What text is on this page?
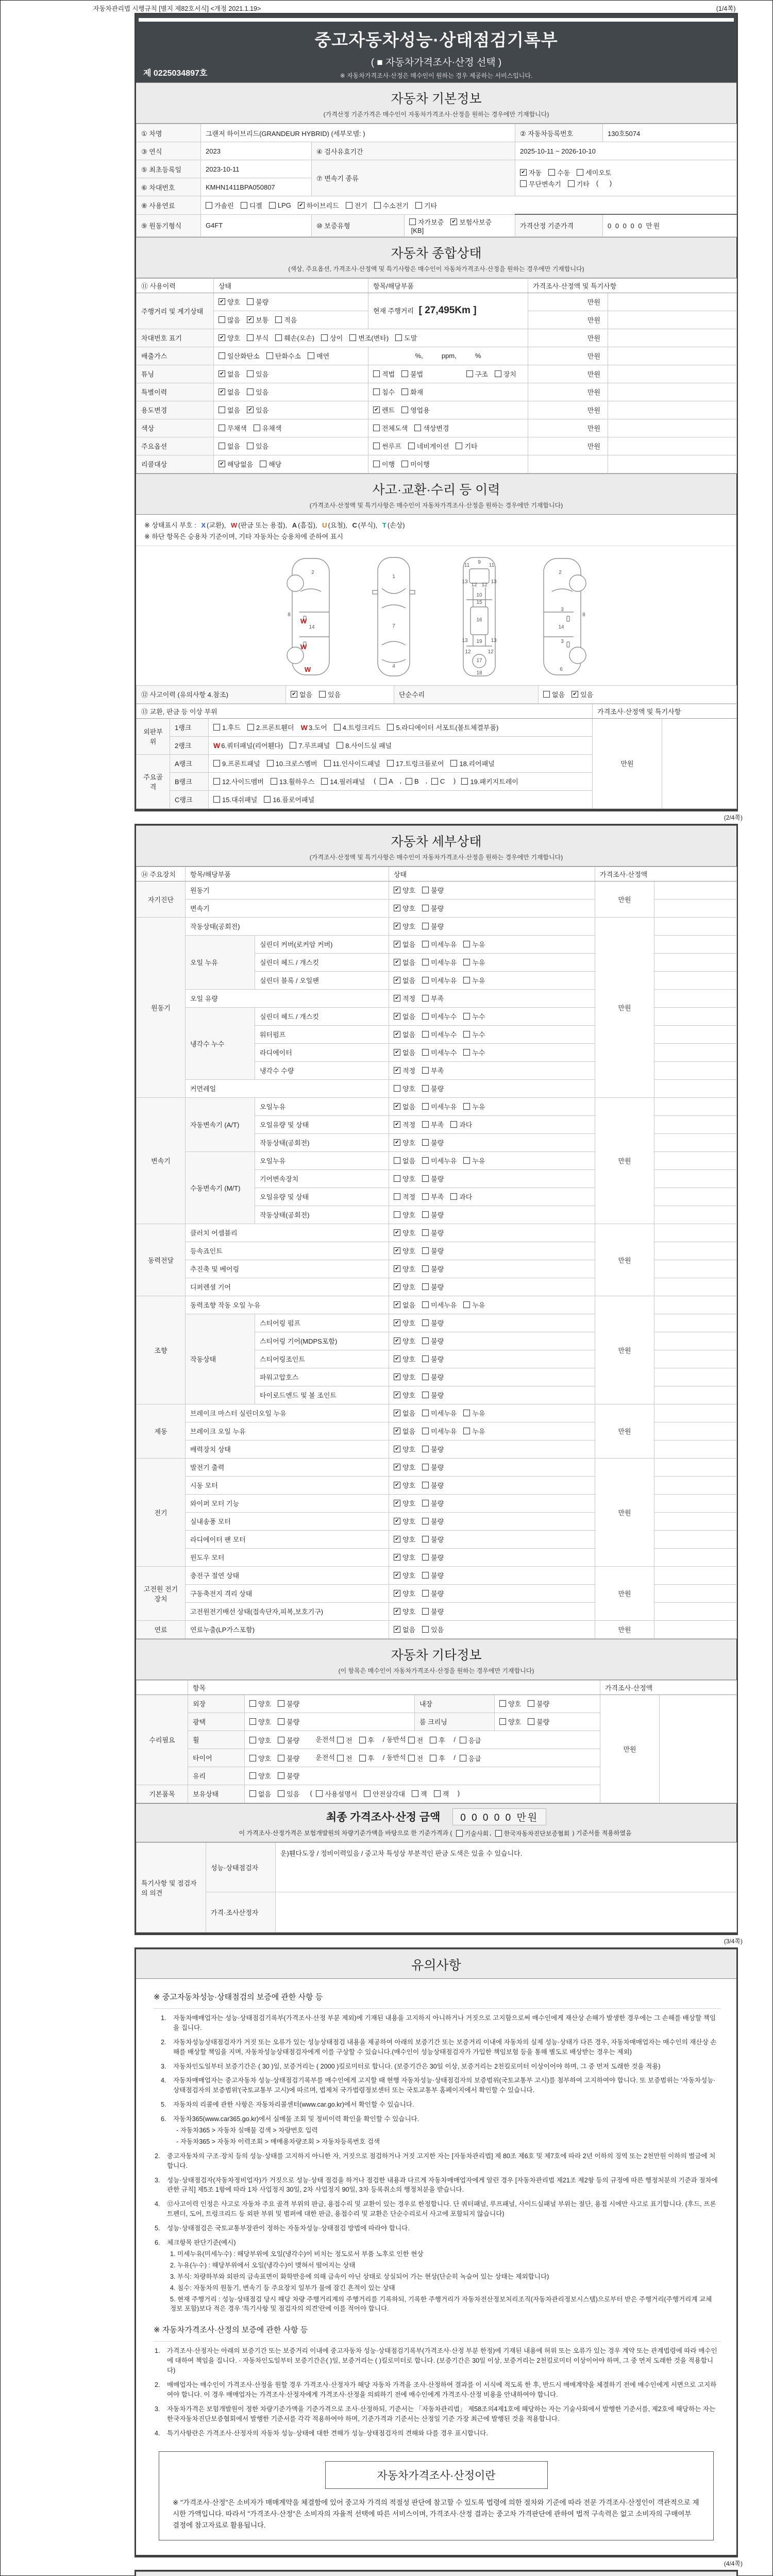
자동차관리법 시행규칙 [별지 제82호서식] <개정 2021.1.19>	(1/4쪽)
중고자동차성능·상태점검기록부
( ■ 자동차가격조사·산정 선택 )
※ 자동차가격조사·산정은 매수인이 원하는 경우 제공하는 서비스입니다.
제 0225034897호
자동차 기본정보
(가격산정 기준가격은 매수인이 자동차가격조사·산정을 원하는 경우에만 기재합니다)
① 차명	그랜저 하이브리드(GRANDEUR HYBRID) (세부모델: )			② 자동차등록번호	130호5074
③ 연식	2023	④ 검사유효기간		2025-10-11 ~ 2026-10-10	
⑤ 최초등록일	2023-10-11	⑦ 변속기 종류	
✔ 자동 수동 세미오토
무단변속기 기타 (      )

⑥ 차대번호	KMHN1411BPA050807				
⑧ 사용연료	가솔린 디젤 LPG ✔ 하이브리드 전기 수소전기 기타

⑨ 원동기형식	G4FT	⑩ 보증유형	자가보증 ✔ 보험사보증
[KB]	가격산정 기준가격	0 0 0 0 0 만원
자동차 종합상태
(색상, 주요옵션, 가격조사·산정액 및 특기사항은 매수인이 자동차가격조사·산정을 원하는 경우에만 기재합니다)
⑪ 사용이력	상태	항목/해당부품	가격조사·산정액 및 특기사항	
주행거리 및 계기상태	✔ 양호 불량	현재 주행거리 [ 27,495Km ]	만원	

	많음 ✔ 보통 적음		만원	
차대번호 표기	✔ 양호 부식 훼손(오손) 상이 변조(변타) 도말	만원	
배출가스	일산화탄소 탄화수소 매연	%,          ppm,          %	만원	
튜닝	✔ 없음 있음	적법 불법 구조 장치	만원	
특별이력	✔ 없음 있음	침수 화재	만원	
용도변경	없음 ✔ 있음	✔ 렌트 영업용	만원	
색상	무채색 유채색	전체도색 색상변경	만원	
주요옵션	없음 있음	썬루프 네비게이션 기타	만원	
리콜대상	✔ 해당없음 해당	이행 미이행		

사고·교환·수리 등 이력
(가격조사·산정액 및 특기사항은 매수인이 자동차가격조사·산정을 원하는 경우에만 기재합니다)
※ 상태표시 부호 : X (교환), W (판금 또는 용접), A (흠집), U (요철), C (부식), T (손상)
※ 하단 항목은 승용차 기준이며, 기타 자동차는 승용차에 준하여 표시
2
8
14
W
W
W
1
7
4
11
9
11
13	13
12 12
10
15
16
13 19 13
12	12
17
18
2
3
8
14
3
6
⑫ 사고이력 (유의사항 4.참조)	✔ 없음 있음	단순수리	없음 ✔ 있음
⑬ 교환, 판금 등 이상 부위			가격조사·산정액 및 특기사항	
외판부위	1랭크	1.후드 2.프론트휀더 W 3.도어 4.트렁크리드 5.라디에이터 서포트(볼트체결부품)
	만원	
	2랭크	W 6.쿼터패널(리어휀다) 7.루프패널 8.사이드실 패널		

주요골격	A랭크	9.프론트패널 10.크로스멤버 11.인사이드패널 17.트렁크플로어 18.리어패널		

B랭크	12.사이드멤버 13.휠하우스 14.필러패널 ( A , B , C ) 19.패키지트레이

	C랭크	15.대쉬패널 16.플로어패널		
(2/4쪽)
자동차 세부상태
(가격조사·산정액 및 특기사항은 매수인이 자동차가격조사·산정을 원하는 경우에만 기재합니다)
⑭ 주요장치	항목/해당부품		상태	가격조사·산정액	
자기진단	원동기		✔ 양호 불량	만원	
	변속기		✔ 양호 불량		

원동기	작동상태(공회전)		✔ 양호 불량	만원	
	오일 누유	실린더 커버(로커암 커버)	✔ 없음 미세누유 누유		

		실린더 헤드 / 개스킷	✔ 없음 미세누유 누유		

		실린더 블록 / 오일팬	✔ 없음 미세누유 누유		

	오일 유량		✔ 적정 부족		

	냉각수 누수	실린더 헤드 / 개스킷	✔ 없음 미세누수 누수		

		워터펌프	✔ 없음 미세누수 누수		

		라디에이터	✔ 없음 미세누수 누수		

		냉각수 수량	✔ 적정 부족		

	커먼레일		양호 불량		

변속기	자동변속기 (A/T)	오일누유	✔ 없음 미세누유 누유	만원	
		오일유량 및 상태	✔ 적정 부족 과다		

		작동상태(공회전)	✔ 양호 불량		

	수동변속기 (M/T)	오일누유	없음 미세누유 누유		

		기어변속장치	양호 불량		

		오일유량 및 상태	적정 부족 과다		

		작동상태(공회전)	양호 불량		

동력전달	클러치 어셈블리		✔ 양호 불량	만원	
	등속죠인트		✔ 양호 불량		

	추진축 및 베어링		✔ 양호 불량		

	디퍼렌셜 기어		✔ 양호 불량		

조향	동력조향 작동 오일 누유		✔ 없음 미세누유 누유	만원	
	작동상태	스티어링 펌프	✔ 양호 불량		

		스티어링 기어(MDPS포함)	✔ 양호 불량		

		스티어링조인트	✔ 양호 불량		

		파워고압호스	✔ 양호 불량		

		타이로드엔드 및 볼 조인트	✔ 양호 불량		

제동	브레이크 마스터 실린더오일 누유		✔ 없음 미세누유 누유	만원	
	브레이크 오일 누유		✔ 없음 미세누유 누유		

	배력장치 상태		✔ 양호 불량		

전기	발전기 출력		✔ 양호 불량	만원	
	시동 모터		✔ 양호 불량		

	와이퍼 모터 기능		✔ 양호 불량		

	실내송풍 모터		✔ 양호 불량		

	라디에이터 팬 모터		✔ 양호 불량		

	윈도우 모터		✔ 양호 불량		

고전원 전기장치	충전구 절연 상태		✔ 양호 불량	만원	
	구동축전지 격리 상태		✔ 양호 불량		

	고전원전기배선 상태(접속단자,피복,보호기구)		✔ 양호 불량		

연료	연료누출(LP가스포함)		✔ 없음 있음	만원	
자동차 기타정보
(이 항목은 매수인이 자동차가격조사·산정을 원하는 경우에만 기재합니다)
	항목				가격조사·산정액	
수리필요	외장	양호 불량	내장	양호 불량	만원	
	광택	양호 불량	룸 크리닝	양호 불량		

휠	양호 불량 운전석 전 후 / 동반석 전 후 / 응급

타이어	양호 불량 운전석 전 후 / 동반석 전 후 / 응급

	유리	양호 불량				

기본품목	보유상태	없음 있음 ( 사용설명서 안전삼각대 잭 잭 )
최종 가격조사·산정 금액 0 0 0 0 0 만원
이 가격조사·산정가격은 보험개발원의 차량기준가액을 바탕으로 한 기준가격과 ( 기술사회 , 한국자동차진단보증협회 ) 기준서를 적용하였음
특기사항 및 점검자의 의견	성능·상태점검자	운)휀다도장 / 정비이력있음 / 중고차 특성상 부분적인 판금 도색은 있을 수 있습니다.
	가격·조사산정자	
(3/4쪽)
유의사항
※ 중고자동차성능·상태점검의 보증에 관한 사항 등
1.	자동차매매업자는 성능·상태점검기록부(가격조사·산정 부분 제외)에 기재된 내용을 고지하지 아니하거나 거짓으로 고지함으로써 매수인에게 재산상 손해가 발생한 경우에는 그 손해를 배상할 책임을 집니다.
2.	자동차성능상태점검자가 거짓 또는 오류가 있는 성능상태점검 내용을 제공하여 아래의 보증기간 또는 보증거리 이내에 자동차의 실제 성능·상태가 다른 경우, 자동차매매업자는 매수인의 재산상 손해를 배상할 책임을 지며, 자동차성능상태점검자에게 이를 구상할 수 있습니다.(매수인이 성능상태점검자가 가입한 책임보험 등을 통해 별도로 배상받는 경우는 제외)
3.	자동차인도일부터 보증기간은 ( 30 )일, 보증거리는 ( 2000 )킬로미터로 합니다. (보증기간은 30일 이상, 보증거리는 2천킬로미터 이상이어야 하며, 그 중 먼저 도래한 것을 적용)
4.	자동차매매업자는 중고자동차 성능·상태점검기록부를 매수인에게 고지할 때 현행 자동차성능·상태점검자의 보증범위(국토교통부 고시)를 첨부하여 고지하여야 합니다. 또 보증범위는 '자동차성능·상태점검자의 보증범위'(국토교통부 고시)에 따르며, 법제처 국가법령정보센터 또는 국토교통부 홈페이지에서 확인할 수 있습니다.
5.	자동차의 리콜에 관한 사항은 자동차리콜센터(www.car.go.kr)에서 확인할 수 있습니다.
6.	자동차365(www.car365.go.kr)에서 실매물 조회 및 정비이력 확인을 확인할 수 있습니다.
- 자동차365 > 자동차 실매물 검색 > 차량번호 입력
- 자동차365 > 자동차 이력조회 > 매매용차량조회 > 자동차등록번호 검색
2.	중고자동차의 구조·장치 등의 성능·상태를 고지하지 아니한 자, 거짓으로 점검하거나 거짓 고지한 자는 [자동차관리법] 제 80조 제6호 및 제7호에 따라 2년 이하의 징역 또는 2천만원 이하의 벌금에 처합니다.
3.	성능·상태점검자(자동차정비업자)가 거짓으로 성능·상태 점검을 하거나 점검한 내용과 다르게 자동차매매업자에게 알린 경우 [자동차관리법 제21조 제2항 등의 규정에 따른 행정처분의 기준과 절차에 관한 규칙] 제5조 1항에 따라 1차 사업정지 30일, 2차 사업정지 90일, 3차 등록취소의 행정처분을 받습니다.
4.	⑫사고이력 인정은 사고로 자동차 주요 골격 부위의 판금, 용접수리 및 교환이 있는 경우로 한정합니다. 단 쿼터패널, 루프패널, 사이드실패널 부위는 절단, 용접 시에만 사고로 표기합니다. (후드, 프론트펜더, 도어, 트렁크리드 등 외판 부위 및 범퍼에 대한 판금, 용접수리 및 교환은 단순수리로서 사고에 포함되지 않습니다)
5.	성능·상태점검은 국토교통부장관이 정하는 자동차성능·상태점검 방법에 따라야 합니다.
6.	체크항목 판단기준(예시)
1. 미세누유(미세누수) : 해당부위에 오일(냉각수)이 비치는 정도로서 부품 노후로 인한 현상
2. 누유(누수) : 해당부위에서 오일(냉각수)이 맺혀서 떨어지는 상태
3. 부식: 차량하부와 외판의 금속표면이 화학반응에 의해 금속이 아닌 상태로 상실되어 가는 현상(단순히 녹슬어 있는 상태는 제외합니다)
4. 침수: 자동차의 원동기, 변속기 등 주요장치 일부가 물에 잠긴 흔적이 있는 상태
5. 현재 주행거리 : 성능·상태점검 당시 해당 차량 주행거리계의 주행거리를 기록하되, 기록한 주행거리가 자동차전산정보처리조직(자동차관리정보시스템)으로부터 받은 주행거리(주행거리계 교체 정보 포함)보다 적은 경우 '특기사항 및 점검자의 의견'란에 이를 적어야 합니다.
※ 자동차가격조사·산정의 보증에 관한 사항 등
1.	가격조사·산정자는 아래의 보증기간 또는 보증거리 이내에 중고자동차 성능·상태점검기록부(가격조사·산정 부분 한정)에 기재된 내용에 허위 또는 오류가 있는 경우 계약 또는 관계법령에 따라 매수인에 대하여 책임을 집니다. · 자동차인도일부터 보증기간은( )일, 보증거리는 ( )킬로미터로 합니다. (보증기간은 30일 이상, 보증거리는 2천킬로미터 이상이어야 하며, 그 중 먼저 도래한 것을 적용합니다)
2.	매매업자는 매수인이 가격조사·산정을 원할 경우 가격조사·산정자가 해당 자동차 가격을 조사·산정하여 결과를 이 서식에 적도록 한 후, 반드시 매매계약을 체결하기 전에 매수인에게 서면으로 고지하여야 합니다. 이 경우 매매업자는 가격조사·산정자에게 가격조사·산정을 의뢰하기 전에 매수인에게 가격조사·산정 비용을 안내하여야 합니다.
3.	자동차가격은 보험개발원이 정한 차량기준가액을 기준가격으로 조사·산정하되, 기준서는 「자동차관리법」 제58조의4제1호에 해당하는 자는 기술사회에서 발행한 기준서를, 제2호에 해당하는 자는 한국자동차진단보증협회에서 발행한 기준서를 각각 적용하여야 하며, 기준가격과 기준서는 산정일 기준 가장 최근에 발행된 것을 적용합니다.
4.	특기사항란은 가격조사·산정자의 자동차 성능·상태에 대한 견해가 성능·상태점검자의 견해와 다를 경우 표시합니다.
자동차가격조사·산정이란
※ "가격조사·산정"은 소비자가 매매계약을 체결함에 있어 중고차 가격의 적절성 판단에 참고할 수 있도록 법령에 의한 절차와 기준에 따라 전문 가격조사·산정인이 객관적으로 제시한 가액입니다. 따라서 "가격조사·산정"은 소비자의 자율적 선택에 따른 서비스이며, 가격조사·산정 결과는 중고차 가격판단에 관하여 법적 구속력은 없고 소비자의 구매여부 결정에 참고자료로 활용됩니다.
(4/4쪽)
